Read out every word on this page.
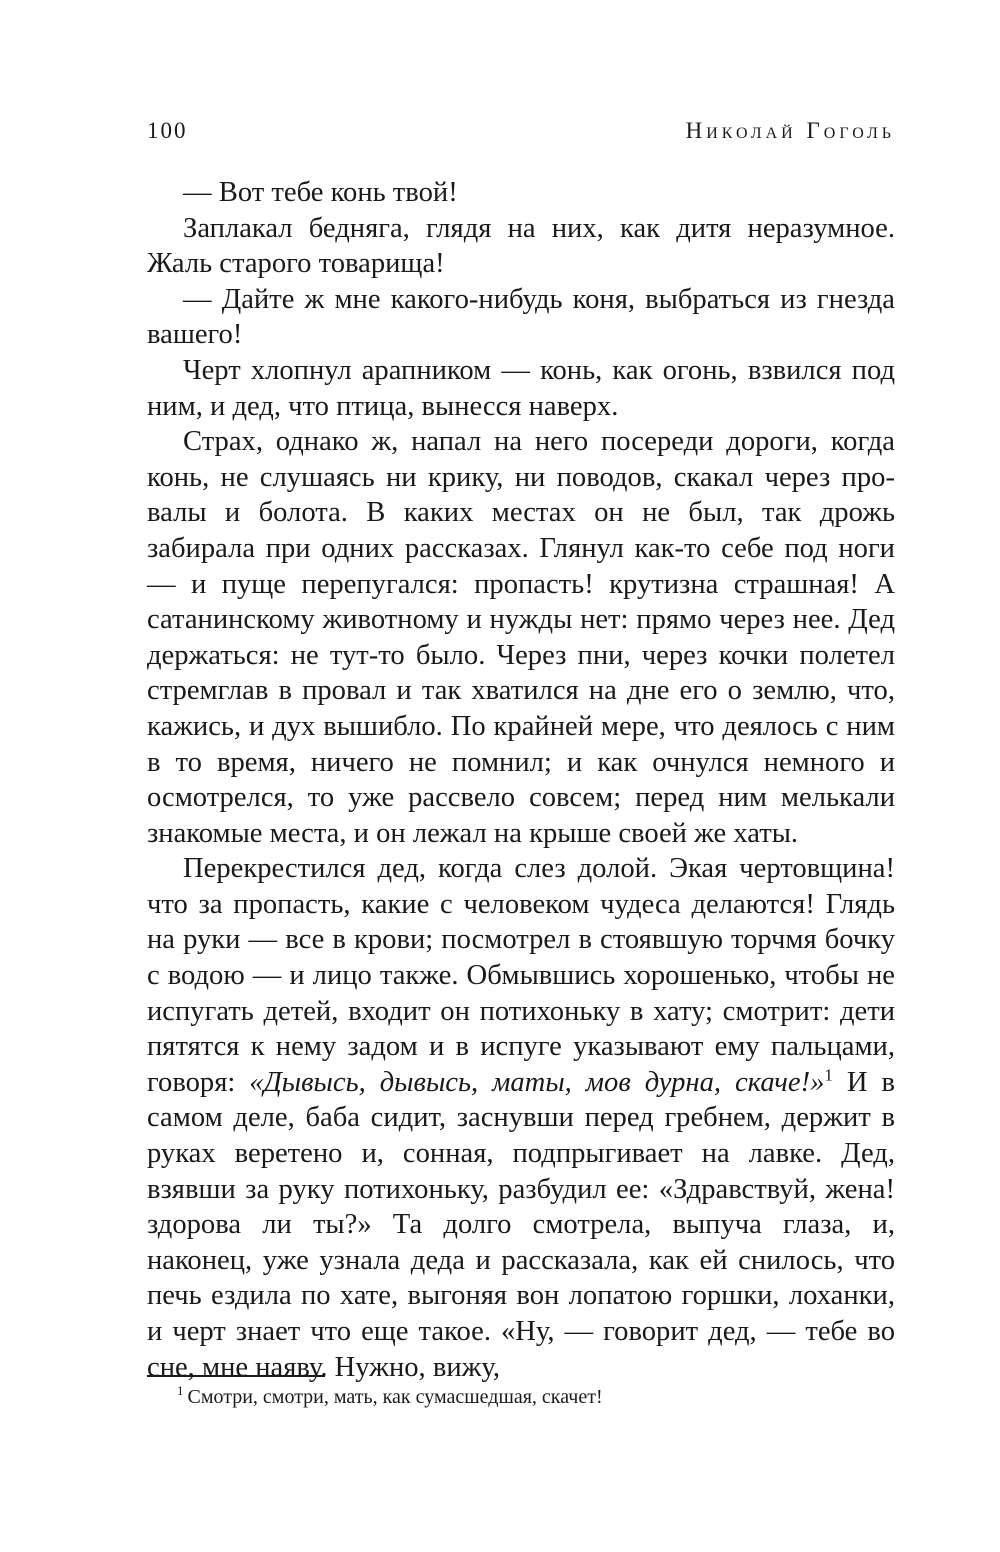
100	Николай Гоголь

— Вот тебе конь твой!

Заплакал бедняга, глядя на них, как дитя неразумное. Жаль старого товарища!

— Дайте ж мне какого-нибудь коня, выбраться из гнезда вашего!

Черт хлопнул арапником — конь, как огонь, взвился под ним, и дед, что птица, вынесся наверх.

Страх, однако ж, напал на него посереди дороги, когда конь, не слушаясь ни крику, ни поводов, скакал через провалы и болота. В каких местах он не был, так дрожь забирала при одних рассказах. Глянул как-то себе под ноги — и пуще перепугался: пропасть! крутизна страшная! А сатанинскому животному и нужды нет: прямо через нее. Дед держаться: не тут-то было. Через пни, через кочки полетел стремглав в провал и так хватился на дне его о землю, что, кажись, и дух вышибло. По крайней мере, что деялось с ним в то время, ничего не помнил; и как очнулся немного и осмотрелся, то уже рассвело совсем; перед ним мелькали знакомые места, и он лежал на крыше своей же хаты.

Перекрестился дед, когда слез долой. Экая чертовщина! что за пропасть, какие с человеком чудеса делаются! Глядь на руки — все в крови; посмотрел в стоявшую торчмя бочку с водою — и лицо также. Обмывшись хорошенько, чтобы не испугать детей, входит он потихоньку в хату; смотрит: дети пятятся к нему задом и в испуге указывают ему пальцами, говоря: «Дывысь, дывысь, маты, мов дурна, скаче!»$^1$ И в самом деле, баба сидит, заснувши перед гребнем, держит в руках веретено и, сонная, подпрыгивает на лавке. Дед, взявши за руку потихоньку, разбудил ее: «Здравствуй, жена! здорова ли ты?» Та долго смотрела, выпуча глаза, и, наконец, уже узнала деда и рассказала, как ей снилось, что печь ездила по хате, выгоняя вон лопатою горшки, лоханки, и черт знает что еще такое. «Ну, — говорит дед, — тебе во сне, мне наяву. Нужно, вижу,

$^1$ Смотри, смотри, мать, как сумасшедшая, скачет!
